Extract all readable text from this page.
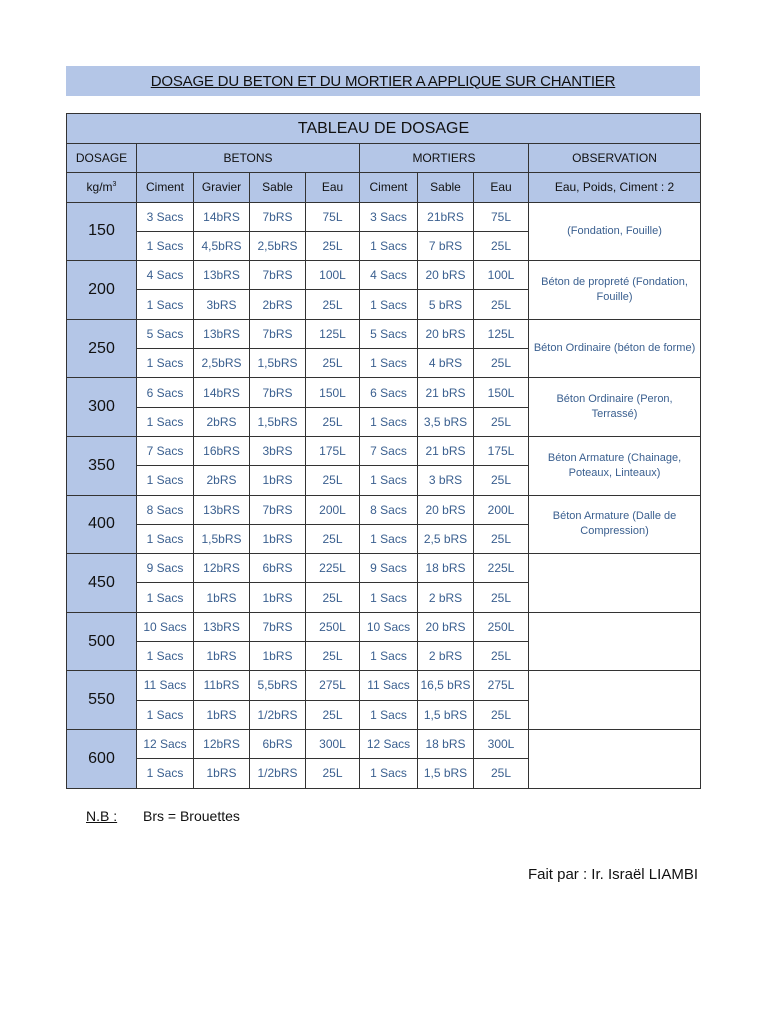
DOSAGE DU BETON ET DU MORTIER A APPLIQUE SUR CHANTIER
TABLEAU DE DOSAGE								
DOSAGE	BETONS				MORTIERS			OBSERVATION
$kg/m^3$	Ciment	Gravier	Sable	Eau	Ciment	Sable	Eau	Eau, Poids, Ciment : 2
150	3 Sacs	14bRS	7bRS	75L	3 Sacs	21bRS	75L	(Fondation, Fouille)
	1 Sacs	4,5bRS	2,5bRS	25L	1 Sacs	7 bRS	25L	
200	4 Sacs	13bRS	7bRS	100L	4 Sacs	20 bRS	100L	Béton de propreté (Fondation, Fouille)
	1 Sacs	3bRS	2bRS	25L	1 Sacs	5 bRS	25L	
250	5 Sacs	13bRS	7bRS	125L	5 Sacs	20 bRS	125L	Béton Ordinaire (béton de forme)
	1 Sacs	2,5bRS	1,5bRS	25L	1 Sacs	4 bRS	25L	
300	6 Sacs	14bRS	7bRS	150L	6 Sacs	21 bRS	150L	Béton Ordinaire (Peron, Terrassé)
	1 Sacs	2bRS	1,5bRS	25L	1 Sacs	3,5 bRS	25L	
350	7 Sacs	16bRS	3bRS	175L	7 Sacs	21 bRS	175L	Béton Armature (Chainage, Poteaux, Linteaux)
	1 Sacs	2bRS	1bRS	25L	1 Sacs	3 bRS	25L	
400	8 Sacs	13bRS	7bRS	200L	8 Sacs	20 bRS	200L	Béton Armature (Dalle de Compression)
	1 Sacs	1,5bRS	1bRS	25L	1 Sacs	2,5 bRS	25L	
450	9 Sacs	12bRS	6bRS	225L	9 Sacs	18 bRS	225L	
	1 Sacs	1bRS	1bRS	25L	1 Sacs	2 bRS	25L	
500	10 Sacs	13bRS	7bRS	250L	10 Sacs	20 bRS	250L	
	1 Sacs	1bRS	1bRS	25L	1 Sacs	2 bRS	25L	
550	11 Sacs	11bRS	5,5bRS	275L	11 Sacs	16,5 bRS	275L	
	1 Sacs	1bRS	1/2bRS	25L	1 Sacs	1,5 bRS	25L	
600	12 Sacs	12bRS	6bRS	300L	12 Sacs	18 bRS	300L	
	1 Sacs	1bRS	1/2bRS	25L	1 Sacs	1,5 bRS	25L	
N.B : Brs = Brouettes
Fait par : Ir. Israël LIAMBI
